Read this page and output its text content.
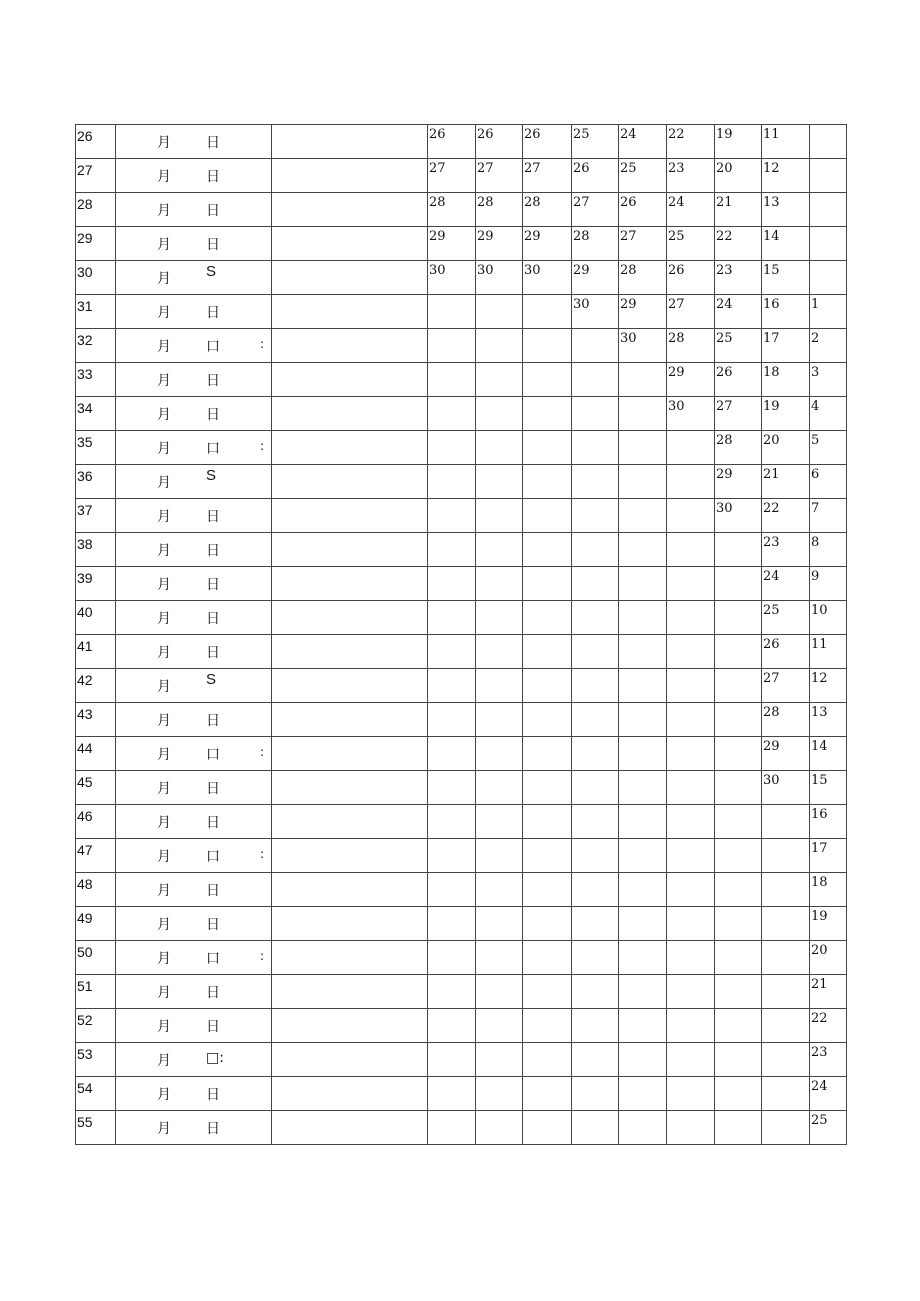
26	月 日		26	26	26	25	24	22	19	11	
27	月 日		27	27	27	26	25	23	20	12	
28	月 日		28	28	28	27	26	24	21	13	
29	月 日		29	29	29	28	27	25	22	14	
30	月 S		30	30	30	29	28	26	23	15	
31	月 日					30	29	27	24	16	1
32	月 口 :						30	28	25	17	2
33	月 日							29	26	18	3
34	月 日							30	27	19	4
35	月 口 :								28	20	5
36	月 S								29	21	6
37	月 日								30	22	7
38	月 日									23	8
39	月 日									24	9
40	月 日									25	10
41	月 日									26	11
42	月 S									27	12
43	月 日									28	13
44	月 口 :									29	14
45	月 日									30	15
46	月 日										16
47	月 口 :										17
48	月 日										18
49	月 日										19
50	月 口 :										20
51	月 日										21
52	月 日										22
53	月 □:										23
54	月 日										24
55	月 日										25
